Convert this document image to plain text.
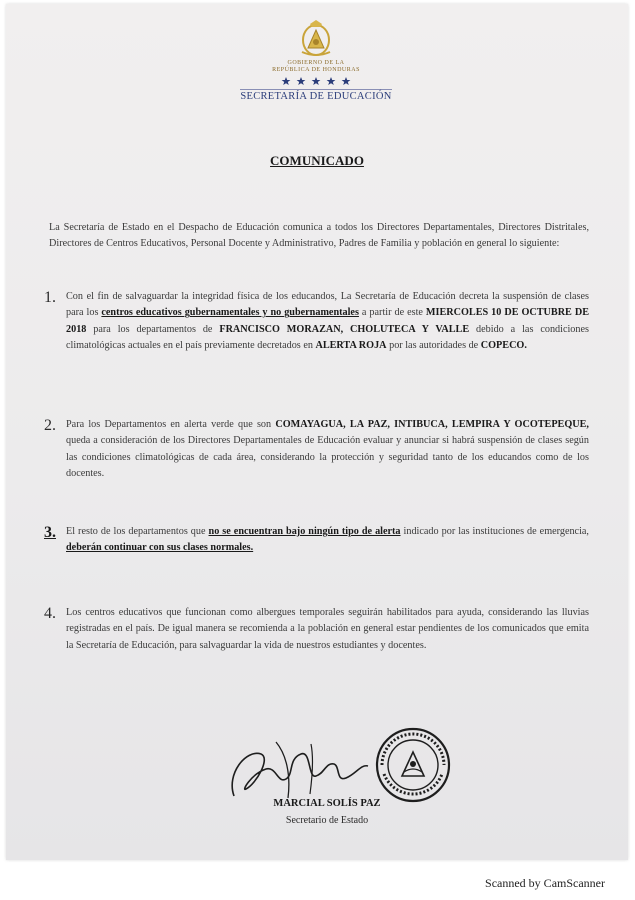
GOBIERNO DE LA
REPÚBLICA DE HONDURAS
SECRETARÍA DE EDUCACIÓN
COMUNICADO
La Secretaría de Estado en el Despacho de Educación comunica a todos los Directores Departamentales, Directores Distritales, Directores de Centros Educativos, Personal Docente y Administrativo, Padres de Familia y población en general lo siguiente:
1. Con el fin de salvaguardar la integridad física de los educandos, La Secretaría de Educación decreta la suspensión de clases para los centros educativos gubernamentales y no gubernamentales a partir de este MIERCOLES 10 DE OCTUBRE DE 2018 para los departamentos de FRANCISCO MORAZAN, CHOLUTECA Y VALLE debido a las condiciones climatológicas actuales en el país previamente decretados en ALERTA ROJA por las autoridades de COPECO.

2. Para los Departamentos en alerta verde que son COMAYAGUA, LA PAZ, INTIBUCA, LEMPIRA Y OCOTEPEQUE, queda a consideración de los Directores Departamentales de Educación evaluar y anunciar si habrá suspensión de clases según las condiciones climatológicas de cada área, considerando la protección y seguridad tanto de los educandos como de los docentes.

3. El resto de los departamentos que no se encuentran bajo ningún tipo de alerta indicado por las instituciones de emergencia, deberán continuar con sus clases normales.

4. Los centros educativos que funcionan como albergues temporales seguirán habilitados para ayuda, considerando las lluvias registradas en el país. De igual manera se recomienda a la población en general estar pendientes de los comunicados que emita la Secretaría de Educación, para salvaguardar la vida de nuestros estudiantes y docentes.

MARCIAL SOLÍS PAZ
Secretario de Estado
Scanned by CamScanner
